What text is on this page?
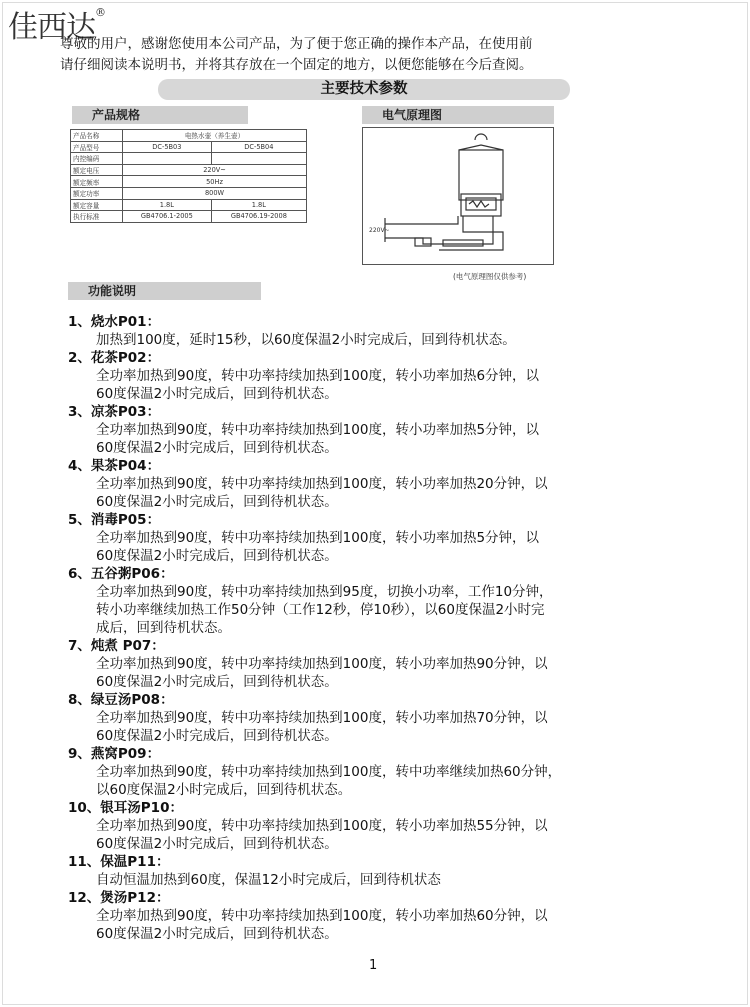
佳西达®
尊敬的用户，感谢您使用本公司产品，为了便于您正确的操作本产品，在使用前
请仔细阅读本说明书，并将其存放在一个固定的地方，以便您能够在今后查阅。
主要技术参数
产品规格	电气原理图
产品名称	电热水壶（养生壶）	
产品型号	DC-5B03	DC-5B04
内控编码		
额定电压	220V~	
额定频率	50Hz	
额定功率	800W	
额定容量	1.8L	1.8L
执行标准	GB4706.1-2005	GB4706.19-2008
220V~
(电气原理图仅供参考)
功能说明
1、烧水P01：
加热到100度，延时15秒，以60度保温2小时完成后，回到待机状态。
2、花茶P02：
全功率加热到90度，转中功率持续加热到100度，转小功率加热6分钟，以
60度保温2小时完成后，回到待机状态。
3、凉茶P03：
全功率加热到90度，转中功率持续加热到100度，转小功率加热5分钟，以
60度保温2小时完成后，回到待机状态。
4、果茶P04：
全功率加热到90度，转中功率持续加热到100度，转小功率加热20分钟，以
60度保温2小时完成后，回到待机状态。
5、消毒P05：
全功率加热到90度，转中功率持续加热到100度，转小功率加热5分钟，以
60度保温2小时完成后，回到待机状态。
6、五谷粥P06：
全功率加热到90度，转中功率持续加热到95度，切换小功率，工作10分钟，
转小功率继续加热工作50分钟（工作12秒，停10秒），以60度保温2小时完
成后，回到待机状态。
7、炖煮 P07：
全功率加热到90度，转中功率持续加热到100度，转小功率加热90分钟，以
60度保温2小时完成后，回到待机状态。
8、绿豆汤P08：
全功率加热到90度，转中功率持续加热到100度，转小功率加热70分钟，以
60度保温2小时完成后，回到待机状态。
9、燕窝P09：
全功率加热到90度，转中功率持续加热到100度，转中功率继续加热60分钟，
以60度保温2小时完成后，回到待机状态。
10、银耳汤P10：
全功率加热到90度，转中功率持续加热到100度，转小功率加热55分钟，以
60度保温2小时完成后，回到待机状态。
11、保温P11：
自动恒温加热到60度，保温12小时完成后，回到待机状态
12、煲汤P12：
全功率加热到90度，转中功率持续加热到100度，转小功率加热60分钟，以
60度保温2小时完成后，回到待机状态。
1
